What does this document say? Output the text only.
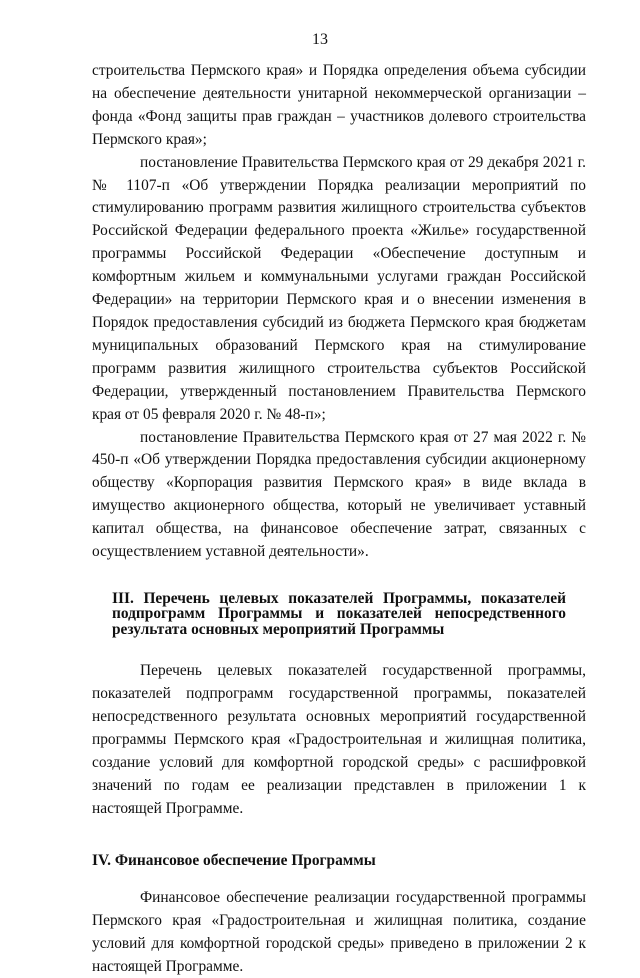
13

строительства Пермского края» и Порядка определения объема субсидии на обеспечение деятельности унитарной некоммерческой организации – фонда «Фонд защиты прав граждан – участников долевого строительства Пермского края»;

постановление Правительства Пермского края от 29 декабря 2021 г. № 1107-п «Об утверждении Порядка реализации мероприятий по стимулированию программ развития жилищного строительства субъектов Российской Федерации федерального проекта «Жилье» государственной программы Российской Федерации «Обеспечение доступным и комфортным жильем и коммунальными услугами граждан Российской Федерации» на территории Пермского края и о внесении изменения в Порядок предоставления субсидий из бюджета Пермского края бюджетам муниципальных образований Пермского края на стимулирование программ развития жилищного строительства субъектов Российской Федерации, утвержденный постановлением Правительства Пермского края от 05 февраля 2020 г. № 48-п»;

постановление Правительства Пермского края от 27 мая 2022 г. № 450-п «Об утверждении Порядка предоставления субсидии акционерному обществу «Корпорация развития Пермского края» в виде вклада в имущество акционерного общества, который не увеличивает уставный капитал общества, на финансовое обеспечение затрат, связанных с осуществлением уставной деятельности».

III. Перечень целевых показателей Программы, показателей подпрограмм Программы и показателей непосредственного результата основных мероприятий Программы

Перечень целевых показателей государственной программы, показателей подпрограмм государственной программы, показателей непосредственного результата основных мероприятий государственной программы Пермского края «Градостроительная и жилищная политика, создание условий для комфортной городской среды» с расшифровкой значений по годам ее реализации представлен в приложении 1 к настоящей Программе.

IV. Финансовое обеспечение Программы

Финансовое обеспечение реализации государственной программы Пермского края «Градостроительная и жилищная политика, создание условий для комфортной городской среды» приведено в приложении 2 к настоящей Программе.
